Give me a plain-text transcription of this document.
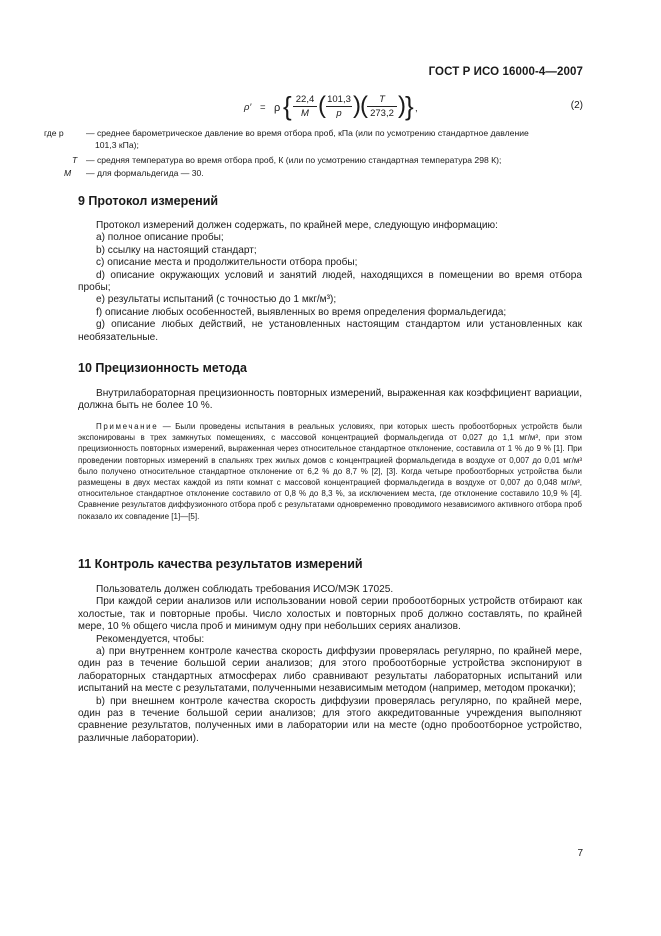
ГОСТ Р ИСО 16000-4—2007
ρ′ = ρ { $\frac{22,4}{M}$ ( $\frac{101,3}{p}$ ) ( $\frac{T}{273,2}$ ) } ,	(2)
где p	— среднее барометрическое давление во время отбора проб, кПа (или по усмотрению стандартное давление
101,3 кПа);
T — средняя температура во время отбора проб, К (или по усмотрению стандартная температура 298 К);
M — для формальдегида — 30.
9 Протокол измерений

Протокол измерений должен содержать, по крайней мере, следующую информацию:

a) полное описание пробы;

b) ссылку на настоящий стандарт;

c) описание места и продолжительности отбора пробы;

d) описание окружающих условий и занятий людей, находящихся в помещении во время отбора пробы;

e) результаты испытаний (с точностью до 1 мкг/м³);

f) описание любых особенностей, выявленных во время определения формальдегида;

g) описание любых действий, не установленных настоящим стандартом или установленных как необязательные.

10 Прецизионность метода

Внутрилабораторная прецизионность повторных измерений, выраженная как коэффициент вариации, должна быть не более 10 %.

Примечание — Были проведены испытания в реальных условиях, при которых шесть пробоотборных устройств были экспонированы в трех замкнутых помещениях, с массовой концентрацией формальдегида от 0,027 до 1,1 мг/м³, при этом прецизионность повторных измерений, выраженная через относительное стандартное отклонение, составила от 1 % до 9 % [1]. При проведении повторных измерений в спальнях трех жилых домов с концентрацией формальдегида в воздухе от 0,007 до 0,01 мг/м³ было получено относительное стандартное отклонение от 6,2 % до 8,7 % [2], [3]. Когда четыре пробоотборных устройства были размещены в двух местах каждой из пяти комнат с массовой концентрацией формальдегида в воздухе от 0,007 до 0,048 мг/м³, относительное стандартное отклонение составило от 0,8 % до 8,3 %, за исключением места, где отклонение составило 10,9 % [4]. Сравнение результатов диффузионного отбора проб с результатами одновременно проводимого независимого активного отбора проб показало их совпадение [1]—[5].

11 Контроль качества результатов измерений

Пользователь должен соблюдать требования ИСО/МЭК 17025.

При каждой серии анализов или использовании новой серии пробоотборных устройств отбирают как холостые, так и повторные пробы. Число холостых и повторных проб должно составлять, по крайней мере, 10 % общего числа проб и минимум одну при небольших сериях анализов.

Рекомендуется, чтобы:

a) при внутреннем контроле качества скорость диффузии проверялась регулярно, по крайней мере, один раз в течение большой серии анализов; для этого пробоотборные устройства экспонируют в лабораторных стандартных атмосферах либо сравнивают результаты лабораторных испытаний или испытаний на месте с результатами, полученными независимым методом (например, методом прокачки);

b) при внешнем контроле качества скорость диффузии проверялась регулярно, по крайней мере, один раз в течение большой серии анализов; для этого аккредитованные учреждения выполняют сравнение результатов, полученных ими в лаборатории или на месте (одно пробоотборное устройство, различные лаборатории).

7
